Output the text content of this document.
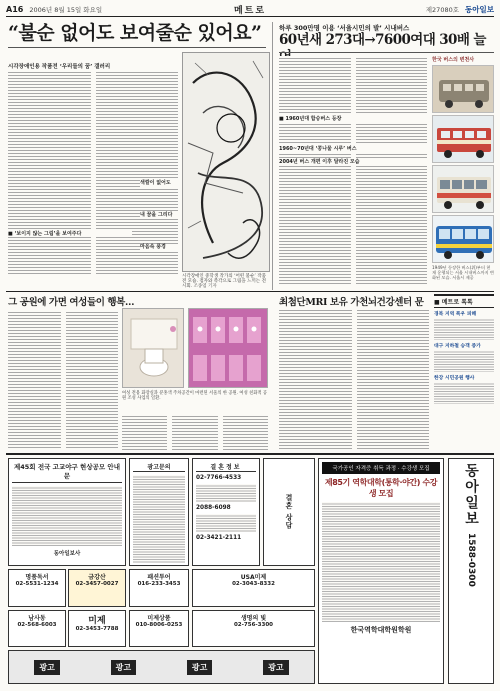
A16 2006년 8월 15일 화요일	메트로	제27080호 동아일보
“불순 없어도 보여줄순 있어요”
시각장애인용 작품전 ‘우리들의 꿈’ 갤러리
■ ‘보이지 않는 그림’을 보여주다
색깔이 없어도
내 꿈을 그리다
마음속 풍경
시각장애인 중학생 작가의 ‘어떤 불순’ 작품전 모습. 점자와 촉각으로 그림을 느끼는 전시회. 조종엽 기자
하루 300만명 이용 ‘서울시민의 발’ 시내버스
60년새 273대→7600여대 30배 늘
■ 1960년대 합승버스 등장
1960~70년대 ‘콩나물 시루’ 버스
2004년 버스 개편 이후 달라진 모습
한국 버스의 변천사
1949년 등장한 버스(위)부터 현재 운행되는 서울 시내버스까지 변화된 모습. 서울시 제공
그 공원에 가면 여성들이 행복…
여성 전용 화장실과 분홍색 주차공간이 마련된 서울의 한 공원. 여성 친화적 공원 조성 사업의 일환.
최첨단MRI 보유 가천뇌건강센터 문	■ 메트로 톡톡
경북 지역 폭우 피해
대구 지하철 승객 증가
한강 시민공원 행사
제45회 전국 고교야구 현상공모 안내문
동아일보사
광고문의	결혼정보
02-7766-4533
2088-6098
02-3421-2111
결혼 상담
명품독서
02-5531-1234
금강산
02-3457-0027
패션투어
016-233-3453
USA미제
02-3043-8332
남사동
02-568-6003	미제
02-3453-7788
미제상품
010-8006-0253
생명의 빛
02-756-3300
국가공인 자격증 취득 과정 · 수강생 모집
제85기 역학대학(통학·야간) 수강생 모집
한국역학대학원학원
동아일보
1588-0300
광고	광고	광고	광고
